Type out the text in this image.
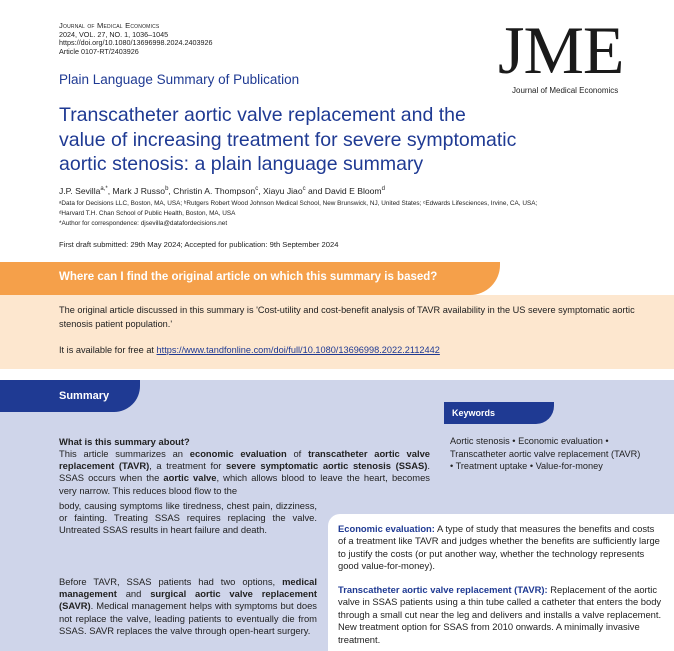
Journal of Medical Economics
2024, VOL. 27, NO. 1, 1036–1045
https://doi.org/10.1080/13696998.2024.2403926
Article 0107-RT/2403926	JME
Journal of Medical Economics
Plain Language Summary of Publication
Transcatheter aortic valve replacement and the
value of increasing treatment for severe symptomatic
aortic stenosis: a plain language summary
J.P. Sevilla$^{a,*}$, Mark J Russo$^b$, Christin A. Thompson$^c$, Xiayu Jiao$^c$ and David E Bloom$^d$
ᵃData for Decisions LLC, Boston, MA, USA; ᵇRutgers Robert Wood Johnson Medical School, New Brunswick, NJ, United States; ᶜEdwards Lifesciences, Irvine, CA, USA;
ᵈHarvard T.H. Chan School of Public Health, Boston, MA, USA
*Author for correspondence: djsevilla@datafordecisions.net
First draft submitted: 29th May 2024; Accepted for publication: 9th September 2024
Where can I find the original article on which this summary is based?
The original article discussed in this summary is 'Cost-utility and cost-benefit analysis of TAVR availability in the US severe symptomatic aortic stenosis patient population.'
It is available for free at https://www.tandfonline.com/doi/full/10.1080/13696998.2022.2112442
Summary
Keywords
Aortic stenosis • Economic evaluation • Transcatheter aortic valve replacement (TAVR) • Treatment uptake • Value-for-money
What is this summary about?
This article summarizes an economic evaluation of transcatheter aortic valve replacement (TAVR), a treatment for severe symptomatic aortic stenosis (SSAS). SSAS occurs when the aortic valve, which allows blood to leave the heart, becomes very narrow. This reduces blood flow to the
body, causing symptoms like tiredness, chest pain, dizziness, or fainting. Treating SSAS requires replacing the valve. Untreated SSAS results in heart failure and death.
Before TAVR, SSAS patients had two options, medical management and surgical aortic valve replacement (SAVR). Medical management helps with symptoms but does not replace the valve, leading patients to eventually die from SSAS. SAVR replaces the valve through open-heart surgery.
Economic evaluation: A type of study that measures the benefits and costs of a treatment like TAVR and judges whether the benefits are sufficiently large to justify the costs (or put another way, whether the technology represents good value-for-money).
Transcatheter aortic valve replacement (TAVR): Replacement of the aortic valve in SSAS patients using a thin tube called a catheter that enters the body through a small cut near the leg and delivers and installs a valve replacement. New treatment option for SSAS from 2010 onwards. A minimally invasive treatment.
